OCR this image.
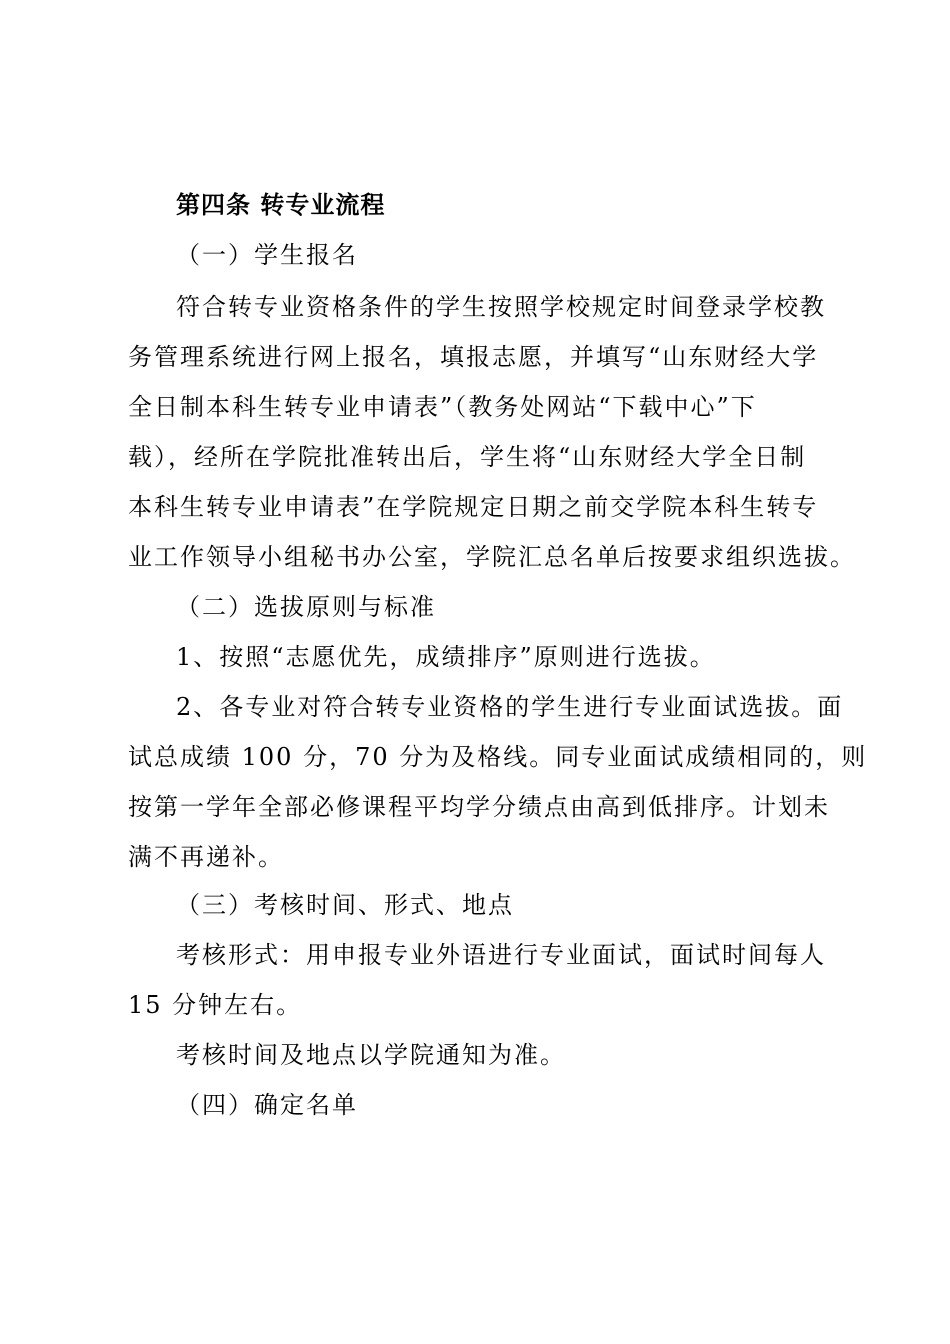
第四条 转专业流程
（一）学生报名
符合转专业资格条件的学生按照学校规定时间登录学校教
务管理系统进行网上报名，填报志愿，并填写“山东财经大学
全日制本科生转专业申请表”（教务处网站“下载中心”下
载），经所在学院批准转出后，学生将“山东财经大学全日制
本科生转专业申请表”在学院规定日期之前交学院本科生转专
业工作领导小组秘书办公室，学院汇总名单后按要求组织选拔。
（二）选拔原则与标准
1、按照“志愿优先，成绩排序”原则进行选拔。
2、各专业对符合转专业资格的学生进行专业面试选拔。面
试总成绩 100 分，70 分为及格线。同专业面试成绩相同的，则
按第一学年全部必修课程平均学分绩点由高到低排序。计划未
满不再递补。
（三）考核时间、形式、地点
考核形式：用申报专业外语进行专业面试，面试时间每人
15 分钟左右。
考核时间及地点以学院通知为准。
（四）确定名单
